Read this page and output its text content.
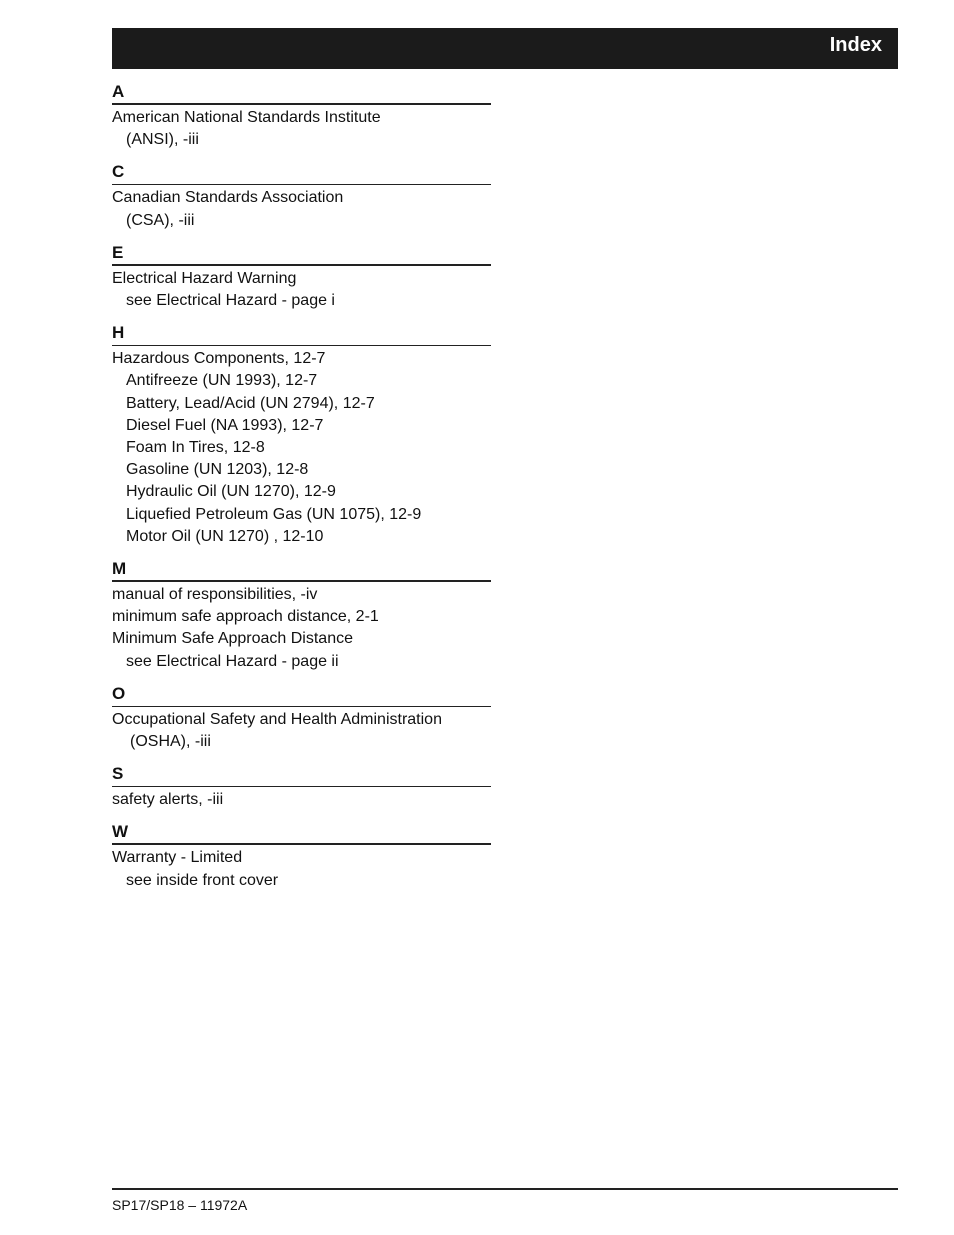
Index
A
American National Standards Institute
(ANSI), -iii
C
Canadian Standards Association
(CSA), -iii
E
Electrical Hazard Warning
see Electrical Hazard - page i
H
Hazardous Components, 12-7
Antifreeze (UN 1993), 12-7
Battery, Lead/Acid (UN 2794), 12-7
Diesel Fuel (NA 1993), 12-7
Foam In Tires, 12-8
Gasoline (UN 1203), 12-8
Hydraulic Oil (UN 1270), 12-9
Liquefied Petroleum Gas (UN 1075), 12-9
Motor Oil (UN 1270) , 12-10
M
manual of responsibilities, -iv
minimum safe approach distance, 2-1
Minimum Safe Approach Distance
see Electrical Hazard - page ii
O
Occupational Safety and Health Administration
(OSHA), -iii
S
safety alerts, -iii
W
Warranty - Limited
see inside front cover
SP17/SP18 – 11972A
